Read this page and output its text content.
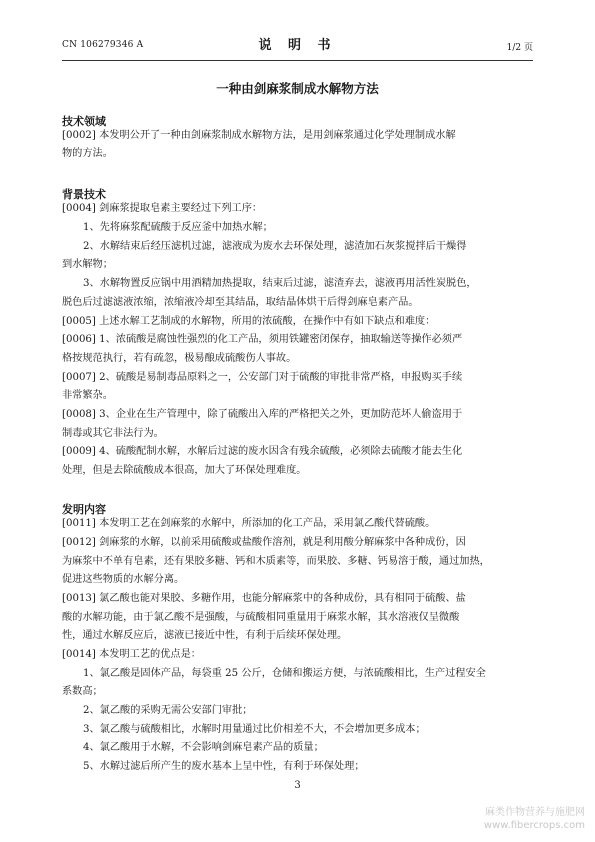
CN 106279346 A	说 明 书	1/2 页
一种由剑麻浆制成水解物方法
技术领域
[0002] 本发明公开了一种由剑麻浆制成水解物方法，是用剑麻浆通过化学处理制成水解
物的方法。
背景技术
[0004] 剑麻浆提取皂素主要经过下列工序：
1、先将麻浆配硫酸于反应釜中加热水解；
2、水解结束后经压滤机过滤，滤液成为废水去环保处理，滤渣加石灰浆搅拌后干燥得
到水解物；
3、水解物置反应锅中用酒精加热提取，结束后过滤，滤渣弃去，滤液再用活性炭脱色，
脱色后过滤滤液浓缩，浓缩液冷却至其结晶，取结晶体烘干后得剑麻皂素产品。
[0005] 上述水解工艺制成的水解物，所用的浓硫酸，在操作中有如下缺点和难度：
[0006] 1、浓硫酸是腐蚀性强烈的化工产品，须用铁罐密闭保存，抽取输送等操作必须严
格按规范执行，若有疏忽，极易酿成硫酸伤人事故。
[0007] 2、硫酸是易制毒品原料之一，公安部门对于硫酸的审批非常严格，申报购买手续
非常繁杂。
[0008] 3、企业在生产管理中，除了硫酸出入库的严格把关之外，更加防范坏人偷盗用于
制毒或其它非法行为。
[0009] 4、硫酸配制水解，水解后过滤的废水因含有残余硫酸，必须除去硫酸才能去生化
处理，但是去除硫酸成本很高，加大了环保处理难度。
发明内容
[0011] 本发明工艺在剑麻浆的水解中，所添加的化工产品，采用氯乙酸代替硫酸。
[0012] 剑麻浆的水解，以前采用硫酸或盐酸作溶剂，就是利用酸分解麻浆中各种成份，因
为麻浆中不单有皂素，还有果胶多糖、钙和木质素等，而果胶、多糖、钙易溶于酸，通过加热，
促进这些物质的水解分离。
[0013] 氯乙酸也能对果胶、多糖作用，也能分解麻浆中的各种成份，具有相同于硫酸、盐
酸的水解功能，由于氯乙酸不是强酸，与硫酸相同重量用于麻浆水解，其水溶液仅呈微酸
性，通过水解反应后，滤液已接近中性，有利于后续环保处理。
[0014] 本发明工艺的优点是：
1、氯乙酸是固体产品，每袋重 25 公斤，仓储和搬运方便，与浓硫酸相比，生产过程安全
系数高；
2、氯乙酸的采购无需公安部门审批；
3、氯乙酸与硫酸相比，水解时用量通过比价相差不大，不会增加更多成本；
4、氯乙酸用于水解，不会影响剑麻皂素产品的质量；
5、水解过滤后所产生的废水基本上呈中性，有利于环保处理；
3
麻类作物营养与施肥网
www.fibercrops.com
